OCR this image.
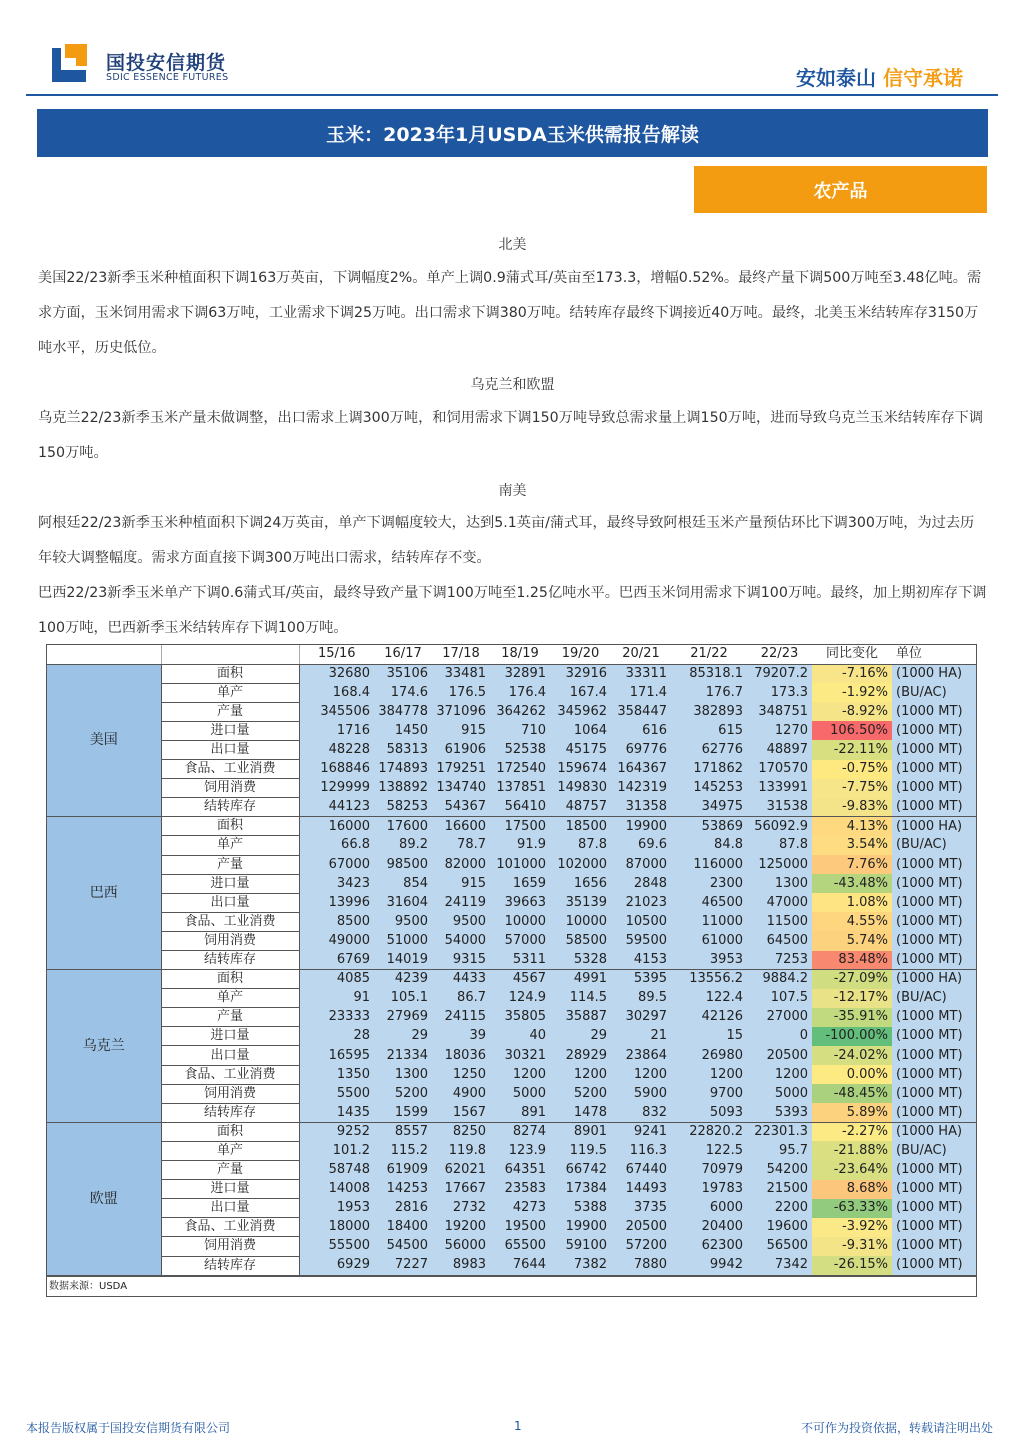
国投安信期货
SDIC ESSENCE FUTURES	安如泰山 信守承诺
玉米：2023年1月USDA玉米供需报告解读
农产品
北美
美国22/23新季玉米种植面积下调163万英亩，下调幅度2%。单产上调0.9蒲式耳/英亩至173.3，增幅0.52%。最终产量下调500万吨至3.48亿吨。需求方面，玉米饲用需求下调63万吨，工业需求下调25万吨。出口需求下调380万吨。结转库存最终下调接近40万吨。最终，北美玉米结转库存3150万吨水平，历史低位。
乌克兰和欧盟
乌克兰22/23新季玉米产量未做调整，出口需求上调300万吨，和饲用需求下调150万吨导致总需求量上调150万吨，进而导致乌克兰玉米结转库存下调150万吨。
南美
阿根廷22/23新季玉米种植面积下调24万英亩，单产下调幅度较大，达到5.1英亩/蒲式耳，最终导致阿根廷玉米产量预估环比下调300万吨，为过去历年较大调整幅度。需求方面直接下调300万吨出口需求，结转库存不变。
巴西22/23新季玉米单产下调0.6蒲式耳/英亩，最终导致产量下调100万吨至1.25亿吨水平。巴西玉米饲用需求下调100万吨。最终，加上期初库存下调100万吨，巴西新季玉米结转库存下调100万吨。
		15/16	16/17	17/18	18/19	19/20	20/21	21/22	22/23	同比变化	单位
美国	面积	32680	35106	33481	32891	32916	33311	85318.1	79207.2	-7.16%	(1000 HA)
	单产	168.4	174.6	176.5	176.4	167.4	171.4	176.7	173.3	-1.92%	(BU/AC)
	产量	345506	384778	371096	364262	345962	358447	382893	348751	-8.92%	(1000 MT)
	进口量	1716	1450	915	710	1064	616	615	1270	106.50%	(1000 MT)
	出口量	48228	58313	61906	52538	45175	69776	62776	48897	-22.11%	(1000 MT)
	食品、工业消费	168846	174893	179251	172540	159674	164367	171862	170570	-0.75%	(1000 MT)
	饲用消费	129999	138892	134740	137851	149830	142319	145253	133991	-7.75%	(1000 MT)
	结转库存	44123	58253	54367	56410	48757	31358	34975	31538	-9.83%	(1000 MT)
巴西	面积	16000	17600	16600	17500	18500	19900	53869	56092.9	4.13%	(1000 HA)
	单产	66.8	89.2	78.7	91.9	87.8	69.6	84.8	87.8	3.54%	(BU/AC)
	产量	67000	98500	82000	101000	102000	87000	116000	125000	7.76%	(1000 MT)
	进口量	3423	854	915	1659	1656	2848	2300	1300	-43.48%	(1000 MT)
	出口量	13996	31604	24119	39663	35139	21023	46500	47000	1.08%	(1000 MT)
	食品、工业消费	8500	9500	9500	10000	10000	10500	11000	11500	4.55%	(1000 MT)
	饲用消费	49000	51000	54000	57000	58500	59500	61000	64500	5.74%	(1000 MT)
	结转库存	6769	14019	9315	5311	5328	4153	3953	7253	83.48%	(1000 MT)
乌克兰	面积	4085	4239	4433	4567	4991	5395	13556.2	9884.2	-27.09%	(1000 HA)
	单产	91	105.1	86.7	124.9	114.5	89.5	122.4	107.5	-12.17%	(BU/AC)
	产量	23333	27969	24115	35805	35887	30297	42126	27000	-35.91%	(1000 MT)
	进口量	28	29	39	40	29	21	15	0	-100.00%	(1000 MT)
	出口量	16595	21334	18036	30321	28929	23864	26980	20500	-24.02%	(1000 MT)
	食品、工业消费	1350	1300	1250	1200	1200	1200	1200	1200	0.00%	(1000 MT)
	饲用消费	5500	5200	4900	5000	5200	5900	9700	5000	-48.45%	(1000 MT)
	结转库存	1435	1599	1567	891	1478	832	5093	5393	5.89%	(1000 MT)
欧盟	面积	9252	8557	8250	8274	8901	9241	22820.2	22301.3	-2.27%	(1000 HA)
	单产	101.2	115.2	119.8	123.9	119.5	116.3	122.5	95.7	-21.88%	(BU/AC)
	产量	58748	61909	62021	64351	66742	67440	70979	54200	-23.64%	(1000 MT)
	进口量	14008	14253	17667	23583	17384	14493	19783	21500	8.68%	(1000 MT)
	出口量	1953	2816	2732	4273	5388	3735	6000	2200	-63.33%	(1000 MT)
	食品、工业消费	18000	18400	19200	19500	19900	20500	20400	19600	-3.92%	(1000 MT)
	饲用消费	55500	54500	56000	65500	59100	57200	62300	56500	-9.31%	(1000 MT)
	结转库存	6929	7227	8983	7644	7382	7880	9942	7342	-26.15%	(1000 MT)
数据来源：USDA
本报告版权属于国投安信期货有限公司	1	不可作为投资依据，转载请注明出处
